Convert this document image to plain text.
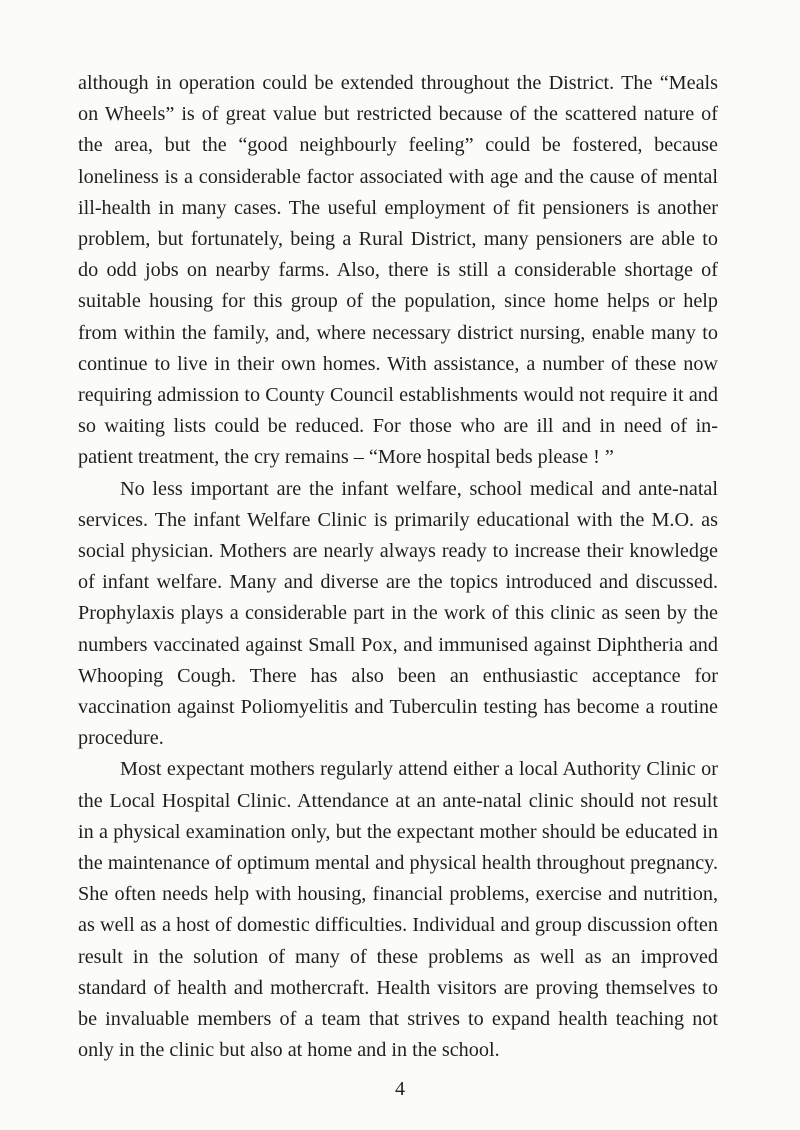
although in operation could be extended throughout the District. The “Meals on Wheels” is of great value but restricted because of the scattered nature of the area, but the “good neighbourly feeling” could be fostered, because loneliness is a considerable factor associated with age and the cause of mental ill-health in many cases. The useful employment of fit pensioners is another problem, but fortunately, being a Rural District, many pensioners are able to do odd jobs on nearby farms. Also, there is still a considerable shortage of suitable housing for this group of the population, since home helps or help from within the family, and, where necessary district nursing, enable many to continue to live in their own homes. With assistance, a number of these now requiring admission to County Council establishments would not require it and so waiting lists could be reduced. For those who are ill and in need of in-patient treatment, the cry remains – “More hospital beds please ! ”

No less important are the infant welfare, school medical and ante-natal services. The infant Welfare Clinic is primarily educational with the M.O. as social physician. Mothers are nearly always ready to increase their knowledge of infant welfare. Many and diverse are the topics introduced and discussed. Prophylaxis plays a considerable part in the work of this clinic as seen by the numbers vaccinated against Small Pox, and immunised against Diphtheria and Whooping Cough. There has also been an enthusiastic acceptance for vaccination against Poliomyelitis and Tuberculin testing has become a routine procedure.

Most expectant mothers regularly attend either a local Authority Clinic or the Local Hospital Clinic. Attendance at an ante-natal clinic should not result in a physical examination only, but the expectant mother should be educated in the maintenance of optimum mental and physical health throughout pregnancy. She often needs help with housing, financial problems, exercise and nutrition, as well as a host of domestic difficulties. Individual and group discussion often result in the solution of many of these problems as well as an improved standard of health and mothercraft. Health visitors are proving themselves to be invaluable members of a team that strives to expand health teaching not only in the clinic but also at home and in the school.

4
